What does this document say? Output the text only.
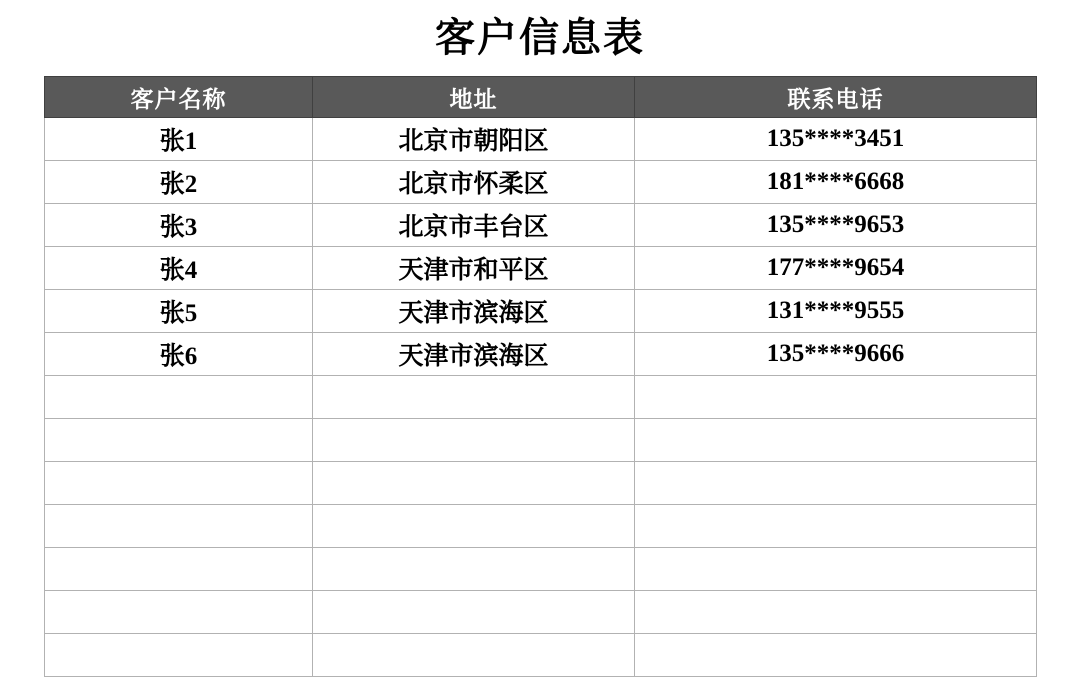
客户信息表
客户名称	地址	联系电话
张1	北京市朝阳区	135****3451
张2	北京市怀柔区	181****6668
张3	北京市丰台区	135****9653
张4	天津市和平区	177****9654
张5	天津市滨海区	131****9555
张6	天津市滨海区	135****9666
